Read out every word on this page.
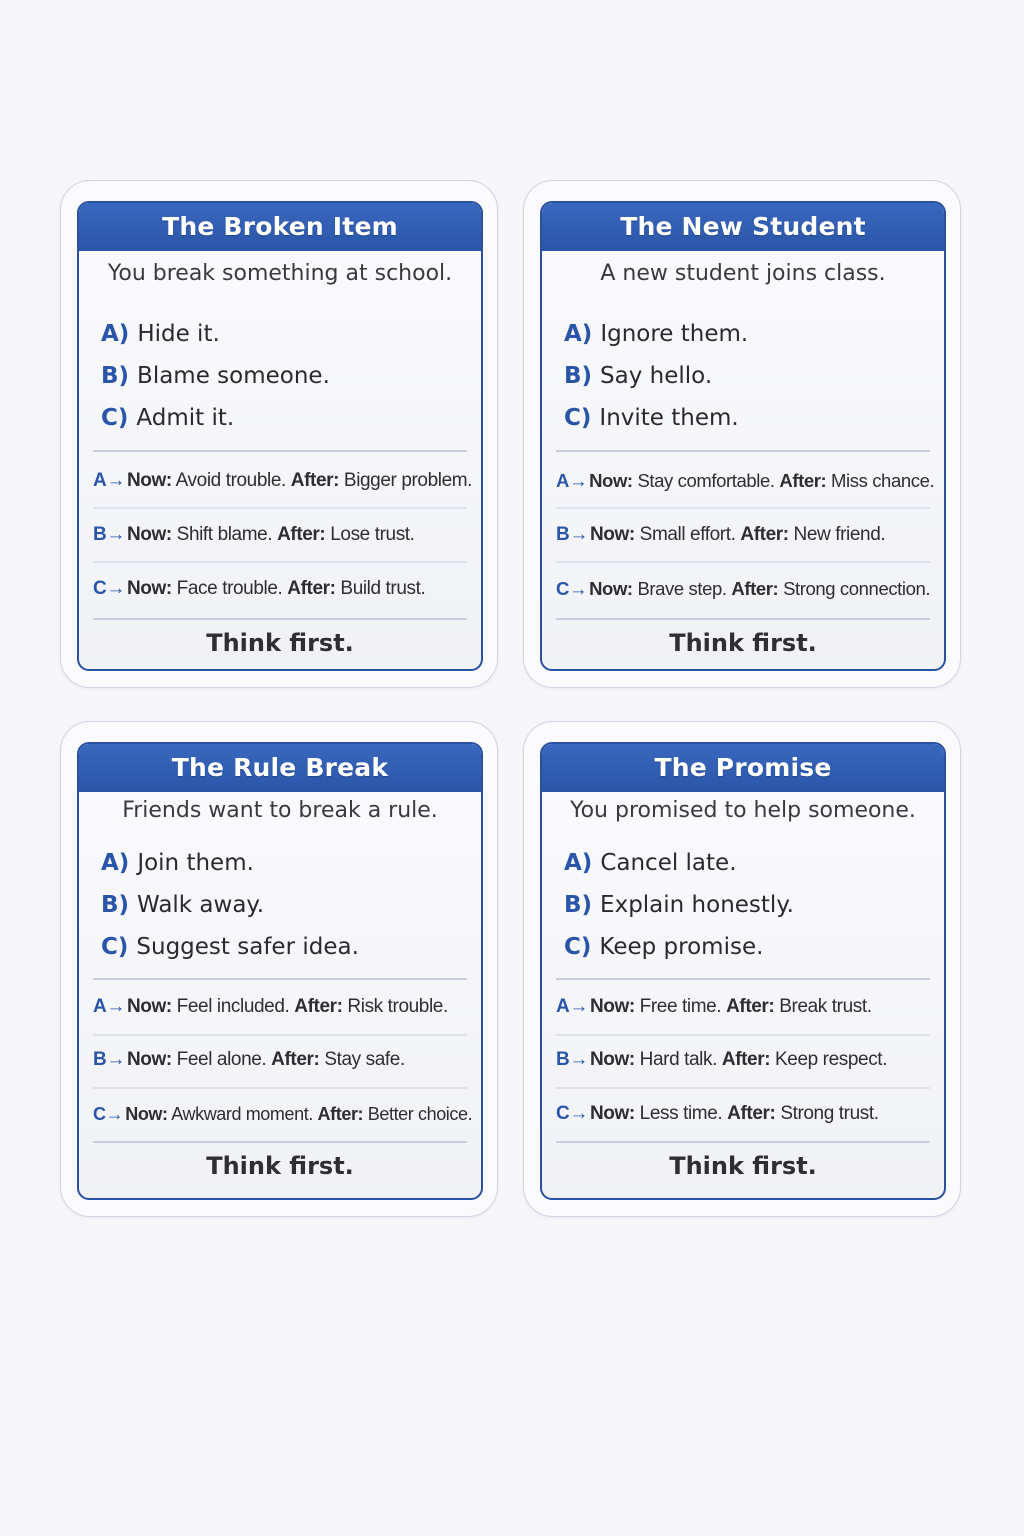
The Broken Item
You break something at school.
A) Hide it.
B) Blame someone.
C) Admit it.
A→ Now: Avoid trouble. After: Bigger problem.
B→ Now: Shift blame. After: Lose trust.
C→ Now: Face trouble. After: Build trust.
Think first.
The New Student
A new student joins class.
A) Ignore them.
B) Say hello.
C) Invite them.
A→ Now: Stay comfortable. After: Miss chance.
B→ Now: Small effort. After: New friend.
C→ Now: Brave step. After: Strong connection.
Think first.
The Rule Break
Friends want to break a rule.
A) Join them.
B) Walk away.
C) Suggest safer idea.
A→ Now: Feel included. After: Risk trouble.
B→ Now: Feel alone. After: Stay safe.
C→ Now: Awkward moment. After: Better choice.
Think first.
The Promise
You promised to help someone.
A) Cancel late.
B) Explain honestly.
C) Keep promise.
A→ Now: Free time. After: Break trust.
B→ Now: Hard talk. After: Keep respect.
C→ Now: Less time. After: Strong trust.
Think first.
